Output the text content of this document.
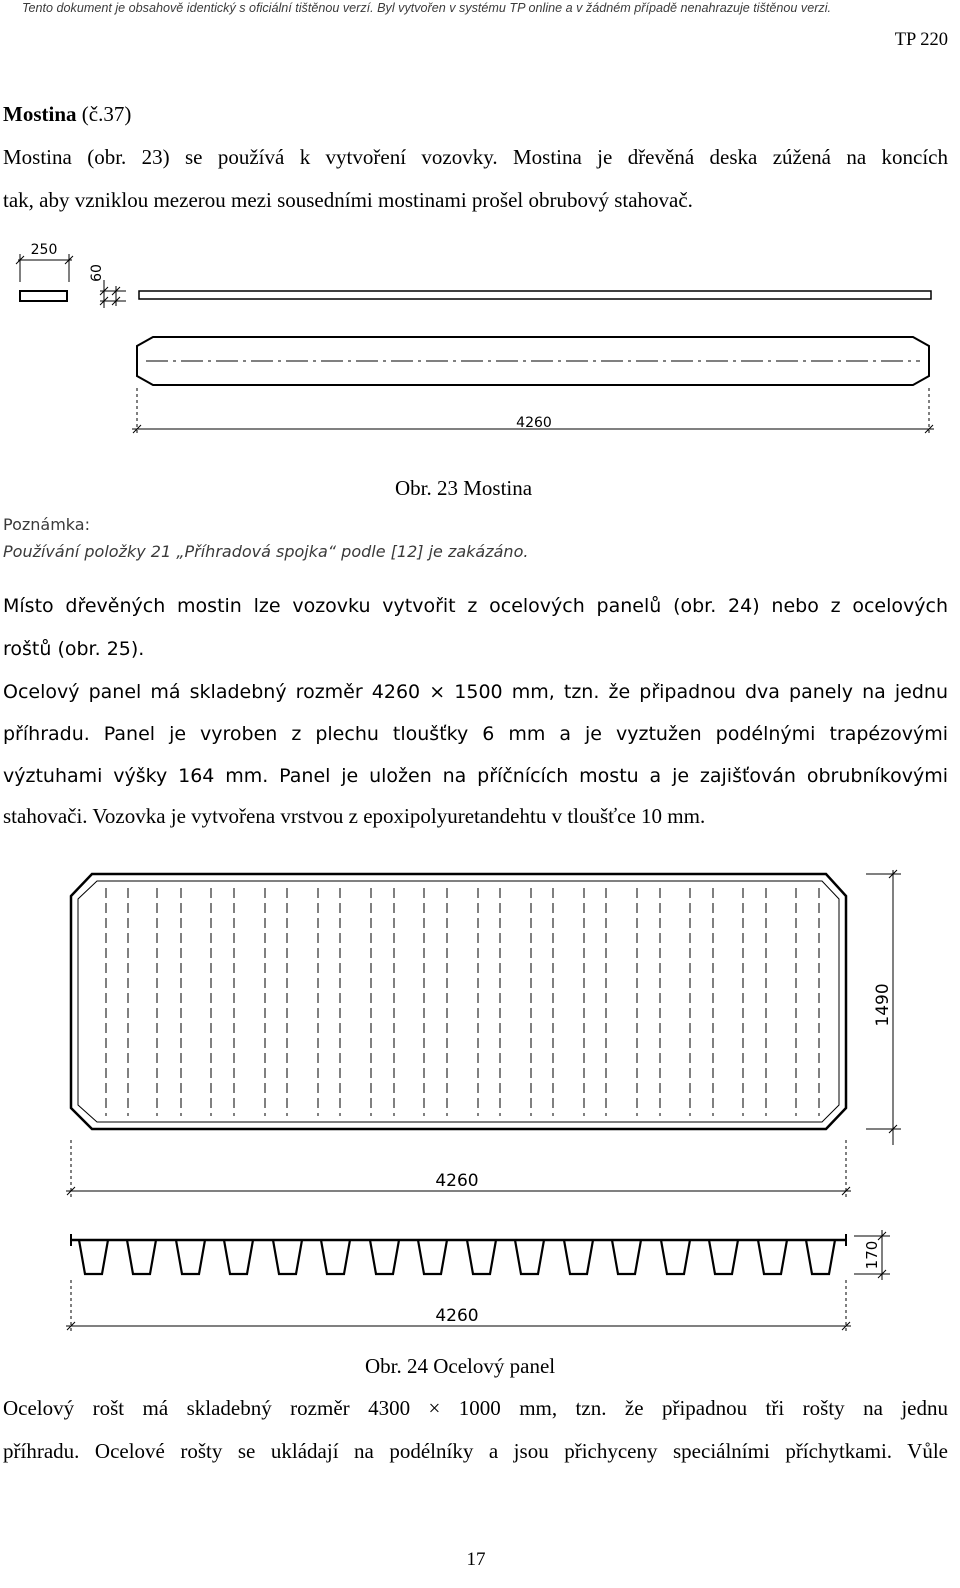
Tento dokument je obsahově identický s oficiální tištěnou verzí. Byl vytvořen v systému TP online a v žádném případě nenahrazuje tištěnou verzi.
TP 220
Mostina (č.37)
Mostina (obr. 23) se používá k vytvoření vozovky. Mostina je dřevěná deska zúžená na koncích
tak, aby vzniklou mezerou mezi sousedními mostinami prošel obrubový stahovač.
250
60
4260
Obr. 23 Mostina
Poznámka:
Používání položky 21 „Příhradová spojka“ podle [12] je zakázáno.
Místo dřevěných mostin lze vozovku vytvořit z ocelových panelů (obr. 24) nebo z ocelových
roštů (obr. 25).
Ocelový panel má skladebný rozměr 4260 × 1500 mm, tzn. že připadnou dva panely na jednu
příhradu. Panel je vyroben z plechu tloušťky 6 mm a je vyztužen podélnými trapézovými
výztuhami výšky 164 mm. Panel je uložen na příčnících mostu a je zajišťován obrubníkovými
stahovači. Vozovka je vytvořena vrstvou z epoxipolyuretandehtu v tloušťce 10 mm.
1490
4260
170
4260
Obr. 24 Ocelový panel
Ocelový rošt má skladebný rozměr 4300 × 1000 mm, tzn. že připadnou tři rošty na jednu
příhradu. Ocelové rošty se ukládají na podélníky a jsou přichyceny speciálními příchytkami. Vůle
17
